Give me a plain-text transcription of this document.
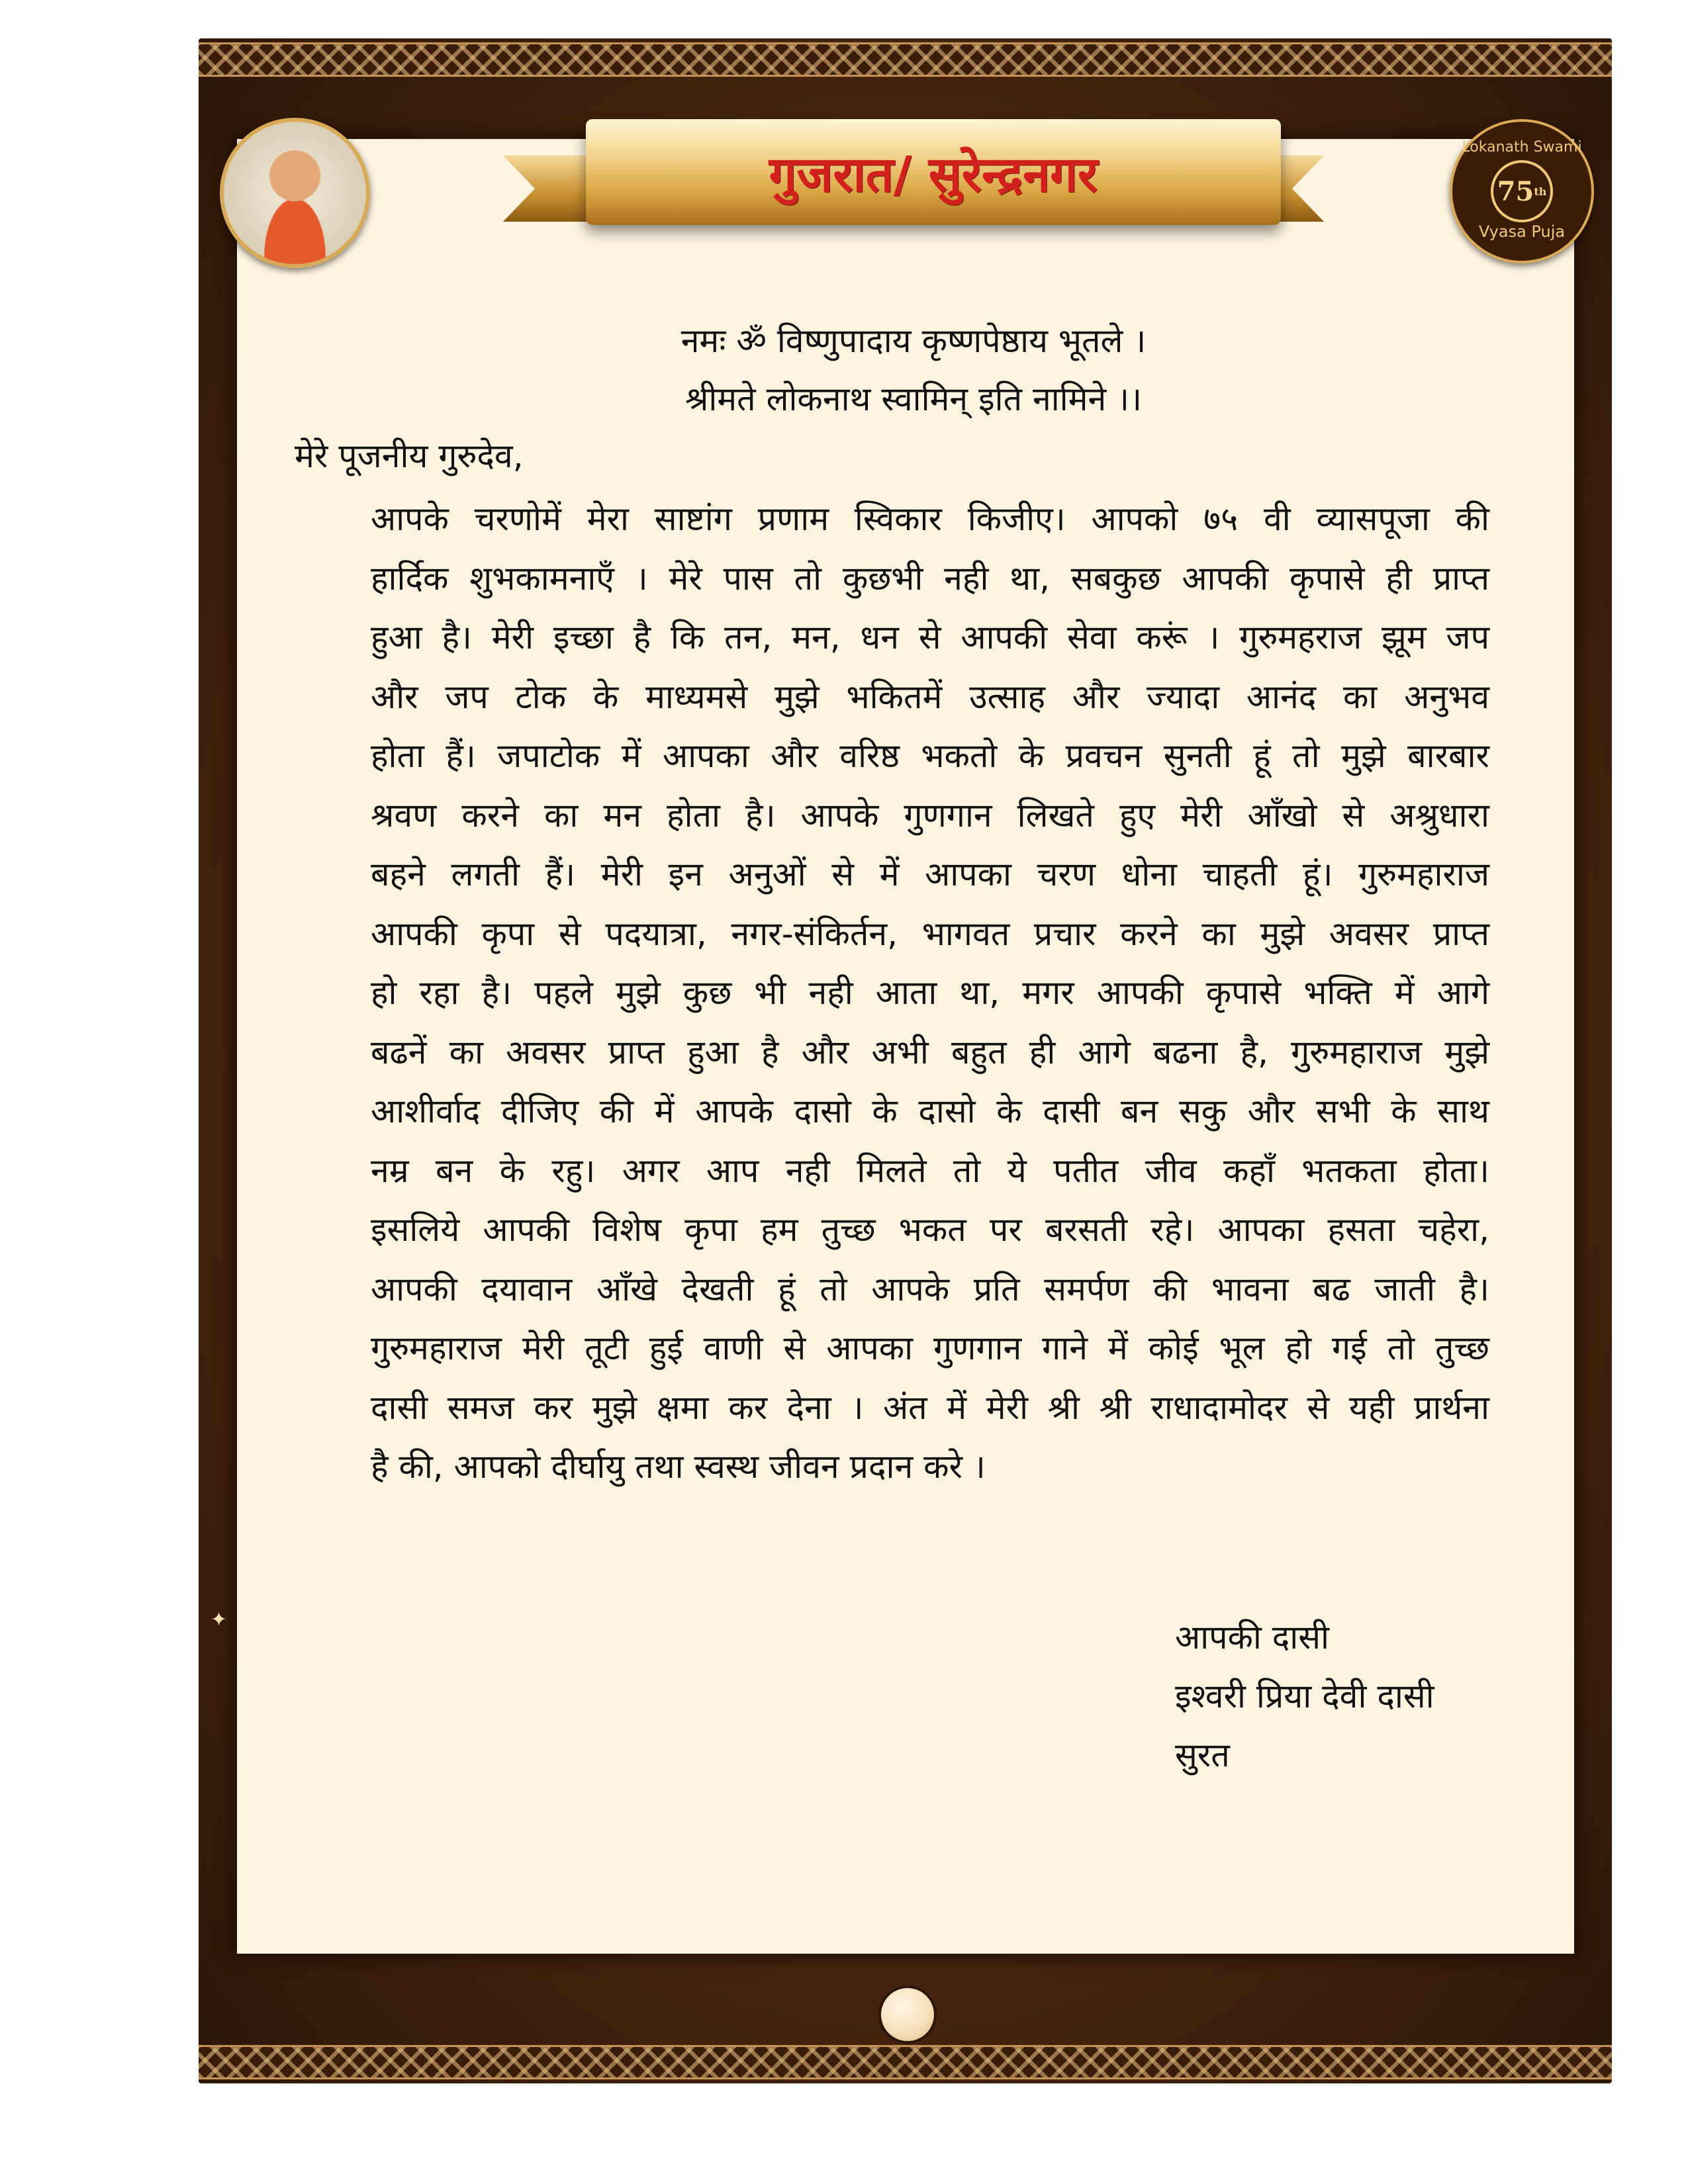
✦
गुजरात/ सुरेन्द्रनगर	Lokanath Swami
75 th
Vyasa Puja
नमः ॐ विष्णुपादाय कृष्णपेष्ठाय भूतले ।
श्रीमते लोकनाथ स्वामिन् इति नामिने ।।
मेरे पूजनीय गुरुदेव,
आपके चरणोमें मेरा साष्टांग प्रणाम स्विकार किजीए। आपको ७५ वी व्यासपूजा की
हार्दिक शुभकामनाएँ । मेरे पास तो कुछभी नही था, सबकुछ आपकी कृपासे ही प्राप्त
हुआ है। मेरी इच्छा है कि तन, मन, धन से आपकी सेवा करूं । गुरुमहराज झूम जप
और जप टोक के माध्यमसे मुझे भकितमें उत्साह और ज्यादा आनंद का अनुभव
होता हैं। जपाटोक में आपका और वरिष्ठ भकतो के प्रवचन सुनती हूं तो मुझे बारबार
श्रवण करने का मन होता है। आपके गुणगान लिखते हुए मेरी आँखो से अश्रुधारा
बहने लगती हैं। मेरी इन अनुओं से में आपका चरण धोना चाहती हूं। गुरुमहाराज
आपकी कृपा से पदयात्रा, नगर-संकिर्तन, भागवत प्रचार करने का मुझे अवसर प्राप्त
हो रहा है। पहले मुझे कुछ भी नही आता था, मगर आपकी कृपासे भक्ति में आगे
बढनें का अवसर प्राप्त हुआ है और अभी बहुत ही आगे बढना है, गुरुमहाराज मुझे
आशीर्वाद दीजिए की में आपके दासो के दासो के दासी बन सकु और सभी के साथ
नम्र बन के रहु। अगर आप नही मिलते तो ये पतीत जीव कहाँ भतकता होता।
इसलिये आपकी विशेष कृपा हम तुच्छ भकत पर बरसती रहे। आपका हसता चहेरा,
आपकी दयावान आँखे देखती हूं तो आपके प्रति समर्पण की भावना बढ जाती है।
गुरुमहाराज मेरी तूटी हुई वाणी से आपका गुणगान गाने में कोई भूल हो गई तो तुच्छ
दासी समज कर मुझे क्षमा कर देना । अंत में मेरी श्री श्री राधादामोदर से यही प्रार्थना
है की, आपको दीर्घायु तथा स्वस्थ जीवन प्रदान करे ।
आपकी दासी
इश्वरी प्रिया देवी दासी
सुरत
